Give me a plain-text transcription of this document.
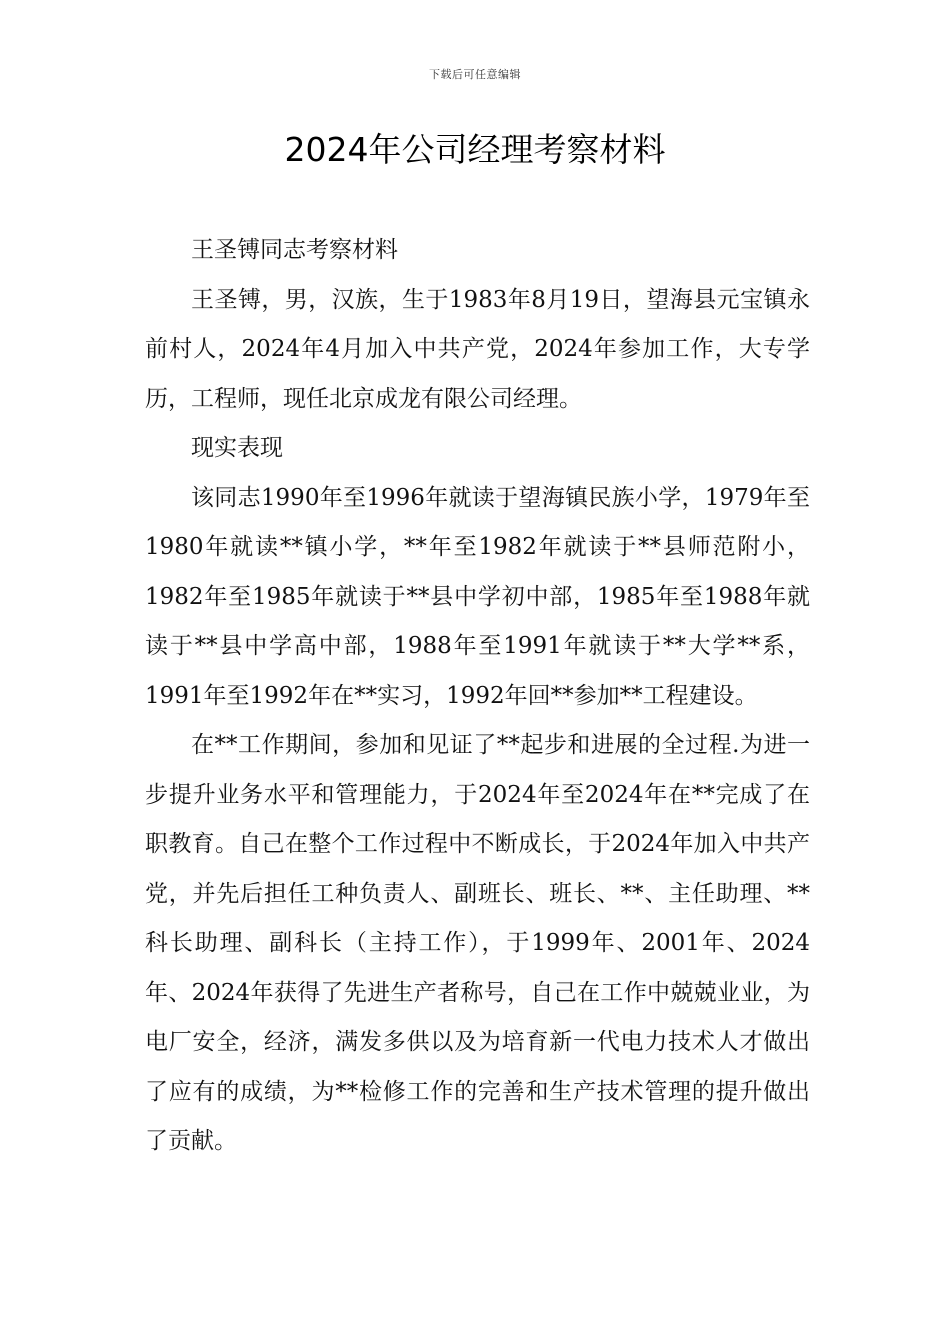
下载后可任意编辑
2024年公司经理考察材料

王圣镈同志考察材料

王圣镈，男，汉族，生于1983年8月19日，望海县元宝镇永前村人，2024年4月加入中共产党，2024年参加工作，大专学历，工程师，现任北京成龙有限公司经理。

现实表现

该同志1990年至1996年就读于望海镇民族小学，1979年至1980年就读**镇小学，**年至1982年就读于**县师范附小，1982年至1985年就读于**县中学初中部，1985年至1988年就读于**县中学高中部，1988年至1991年就读于**大学**系，1991年至1992年在**实习，1992年回**参加**工程建设。

在**工作期间，参加和见证了**起步和进展的全过程.为进一步提升业务水平和管理能力，于2024年至2024年在**完成了在职教育。自己在整个工作过程中不断成长，于2024年加入中共产党，并先后担任工种负责人、副班长、班长、**、主任助理、**科长助理、副科长（主持工作），于1999年、2001年、2024年、2024年获得了先进生产者称号，自己在工作中兢兢业业，为电厂安全，经济，满发多供以及为培育新一代电力技术人才做出了应有的成绩，为**检修工作的完善和生产技术管理的提升做出了贡献。
